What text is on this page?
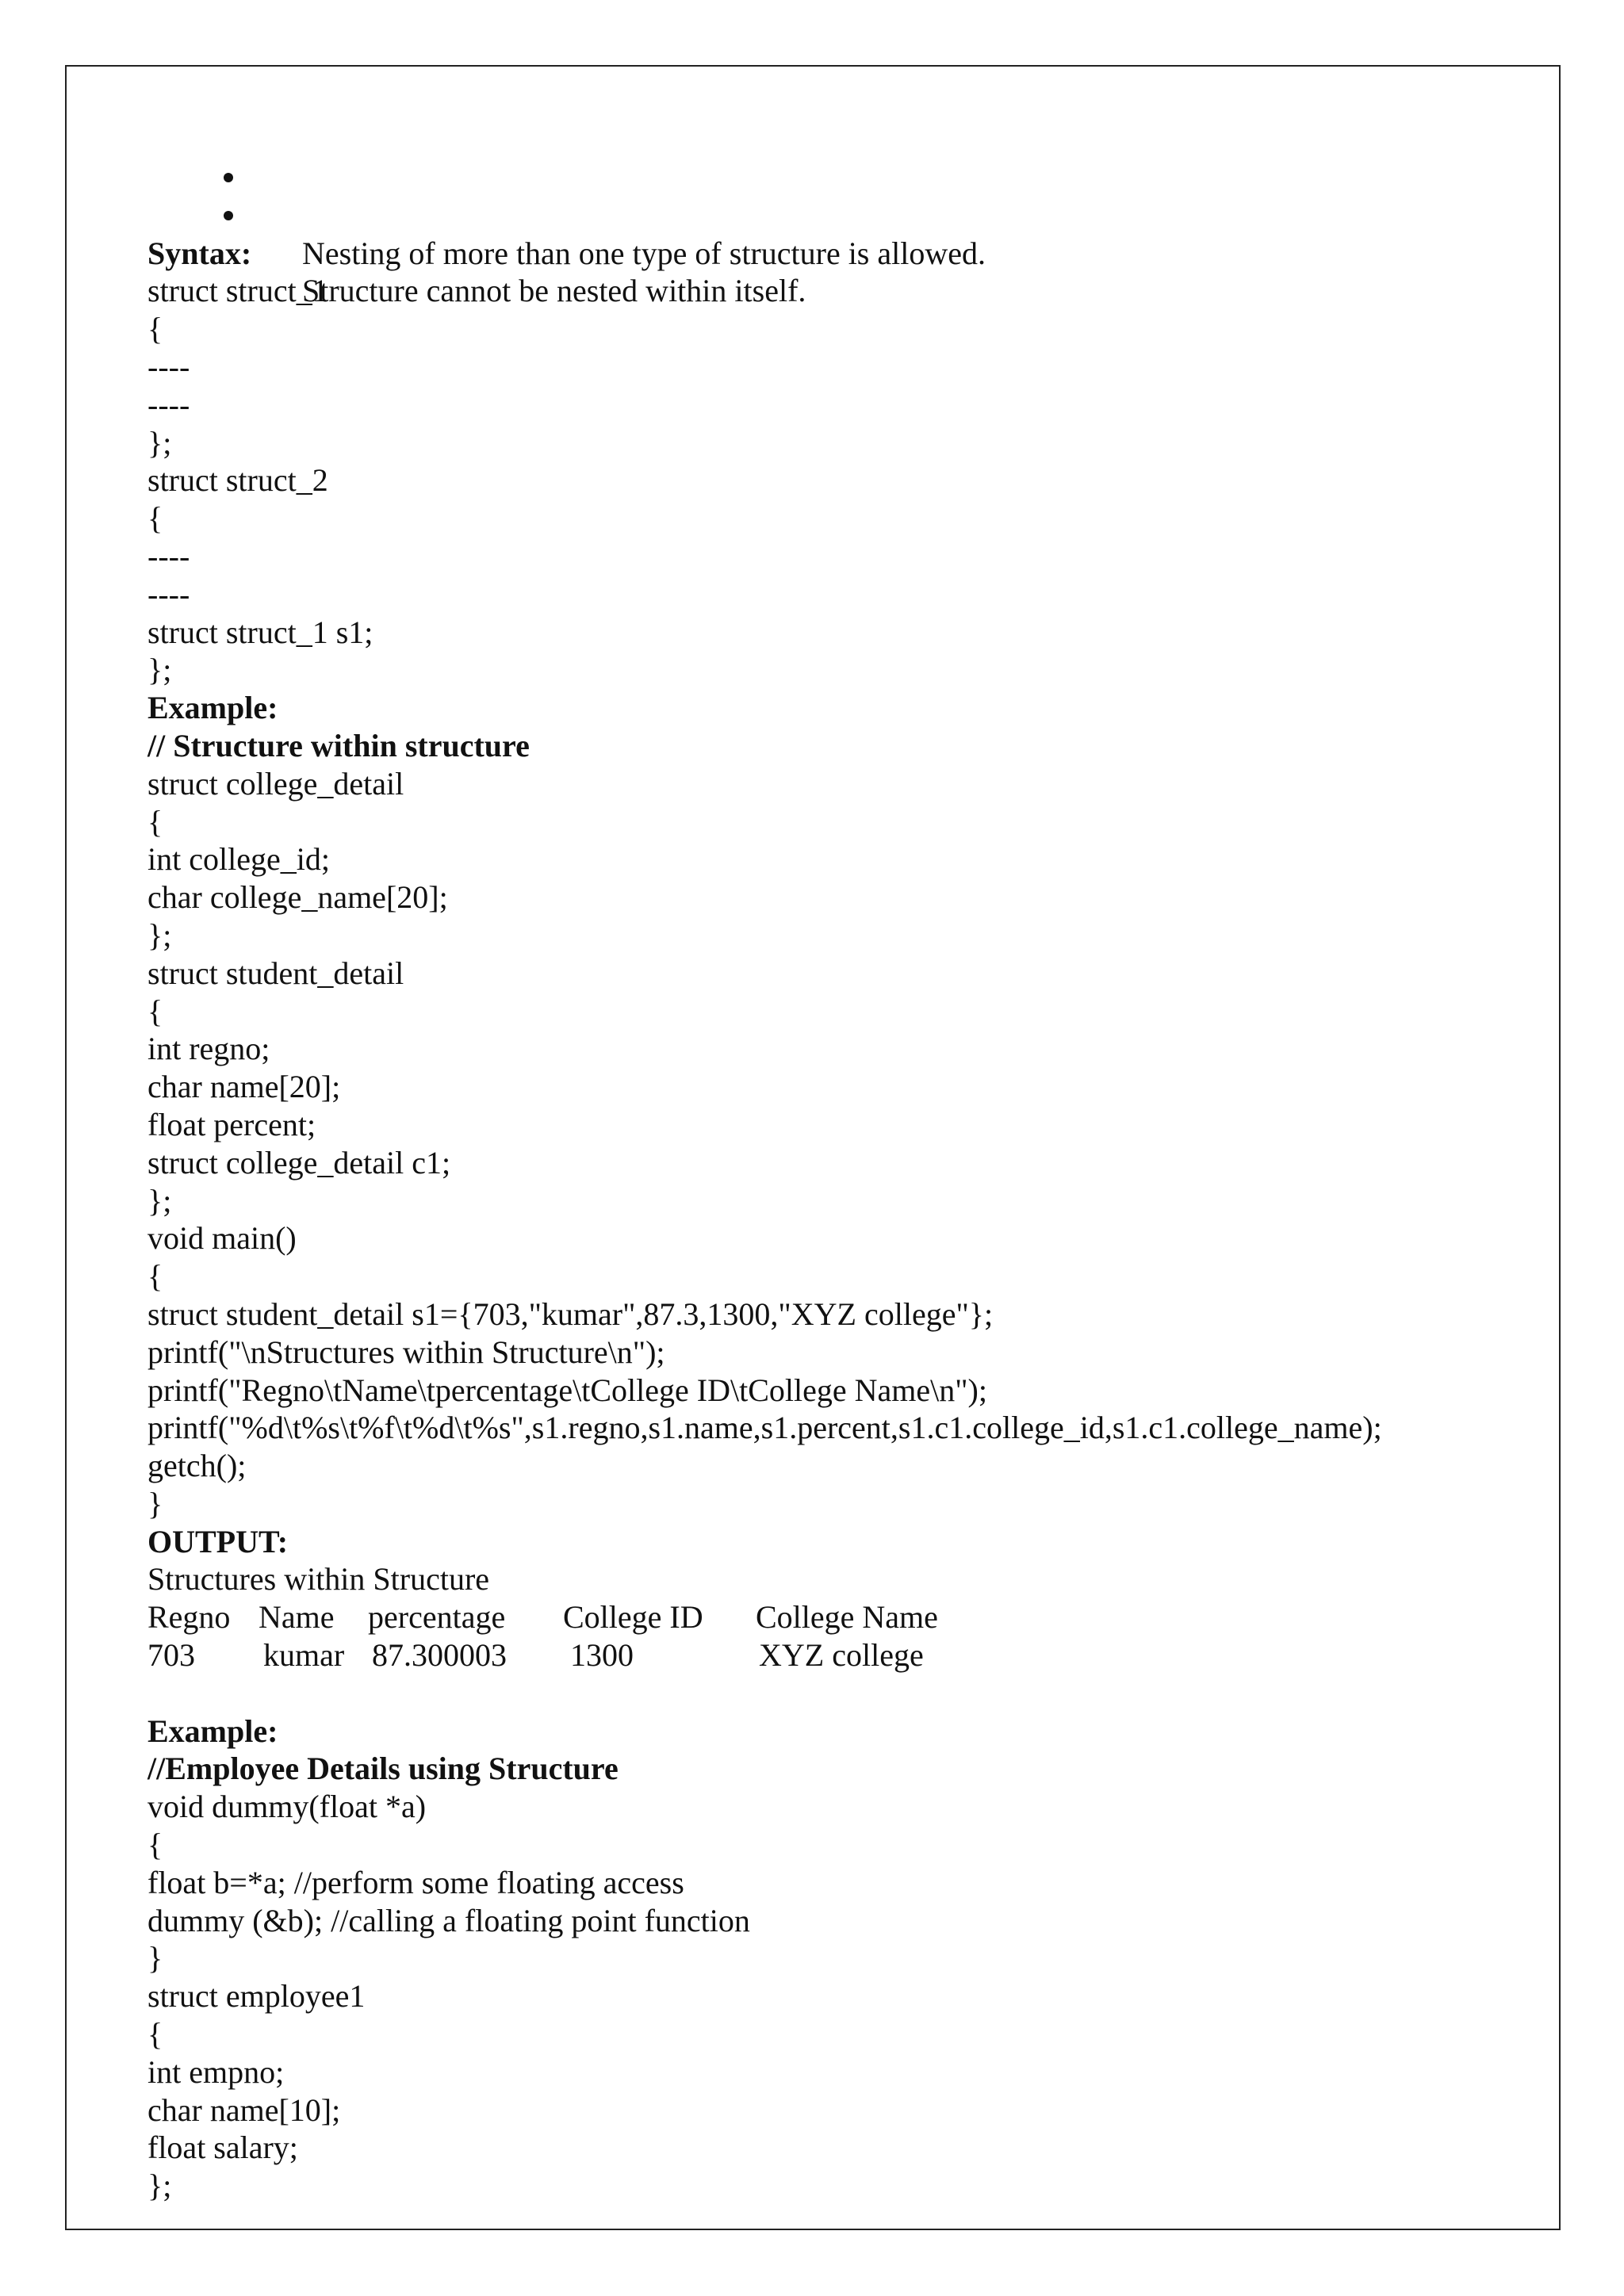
Nesting of more than one type of structure is allowed.

Structure cannot be nested within itself.

Syntax:
struct struct_1
{
----
----
};
struct struct_2
{
----
----
struct struct_1 s1;
};
Example:
// Structure within structure
struct college_detail
{
int college_id;
char college_name[20];
};
struct student_detail
{
int regno;
char name[20];
float percent;
struct college_detail c1;
};
void main()
{
struct student_detail s1={703,"kumar",87.3,1300,"XYZ college"};
printf("\nStructures within Structure\n");
printf("Regno\tName\tpercentage\tCollege ID\tCollege Name\n");
printf("%d\t%s\t%f\t%d\t%s",s1.regno,s1.name,s1.percent,s1.c1.college_id,s1.c1.college_name);
getch();
}
OUTPUT:
Structures within Structure

Regno

Name

percentage

College ID

College Name

703

kumar

87.300003

1300

	XYZ college

Example:
//Employee Details using Structure
void dummy(float *a)
{
float b=*a; //perform some floating access
dummy (&b); //calling a floating point function
}
struct employee1
{
int empno;
char name[10];
float salary;
};
